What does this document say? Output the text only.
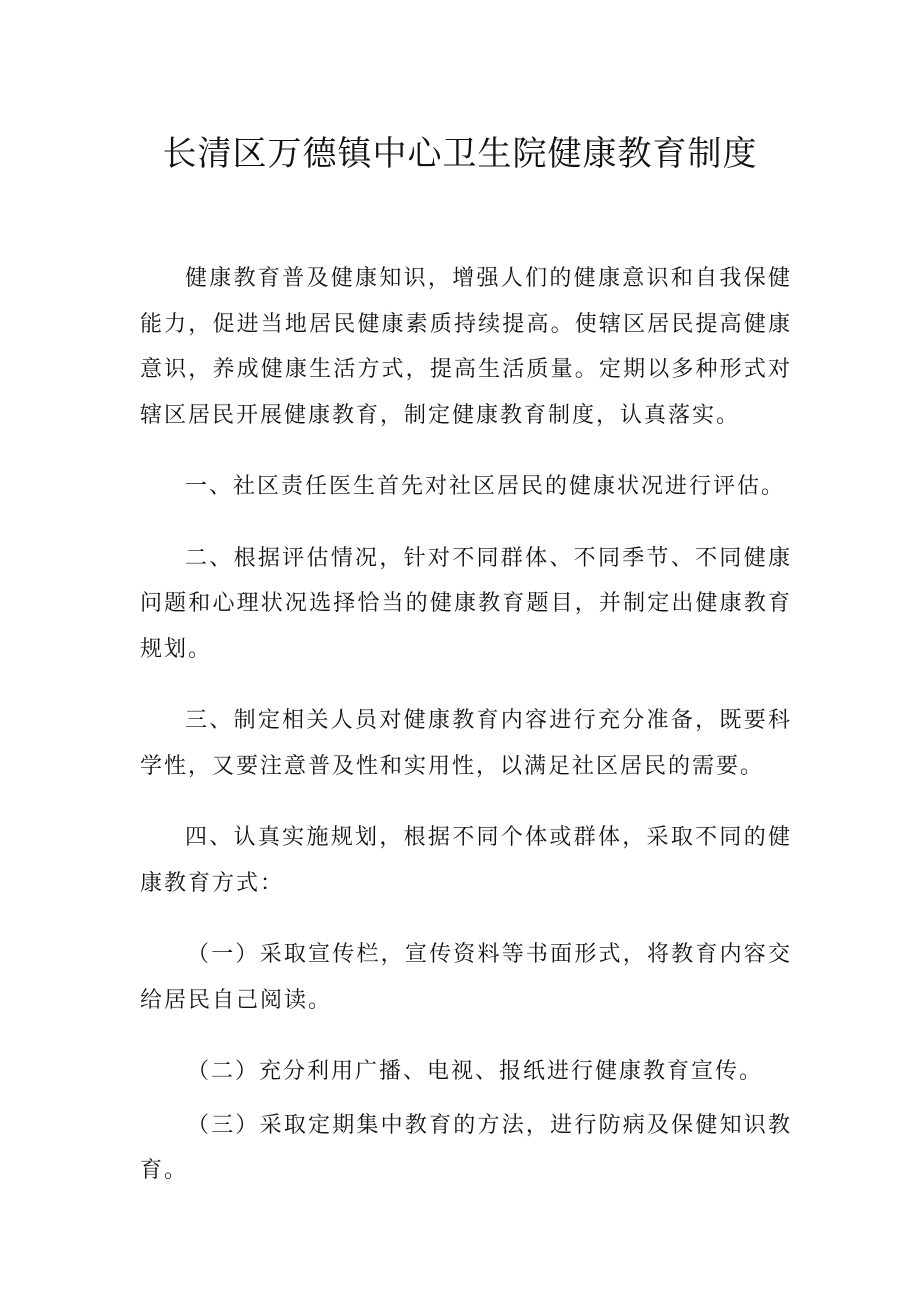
长清区万德镇中心卫生院健康教育制度

健康教育普及健康知识，增强人们的健康意识和自我保健能力，促进当地居民健康素质持续提高。使辖区居民提高健康意识，养成健康生活方式，提高生活质量。定期以多种形式对辖区居民开展健康教育，制定健康教育制度，认真落实。

一、社区责任医生首先对社区居民的健康状况进行评估。

二、根据评估情况，针对不同群体、不同季节、不同健康问题和心理状况选择恰当的健康教育题目，并制定出健康教育规划。

三、制定相关人员对健康教育内容进行充分准备，既要科学性，又要注意普及性和实用性，以满足社区居民的需要。

四、认真实施规划，根据不同个体或群体，采取不同的健康教育方式：

（一）采取宣传栏，宣传资料等书面形式，将教育内容交给居民自己阅读。

（二）充分利用广播、电视、报纸进行健康教育宣传。

（三）采取定期集中教育的方法，进行防病及保健知识教育。
